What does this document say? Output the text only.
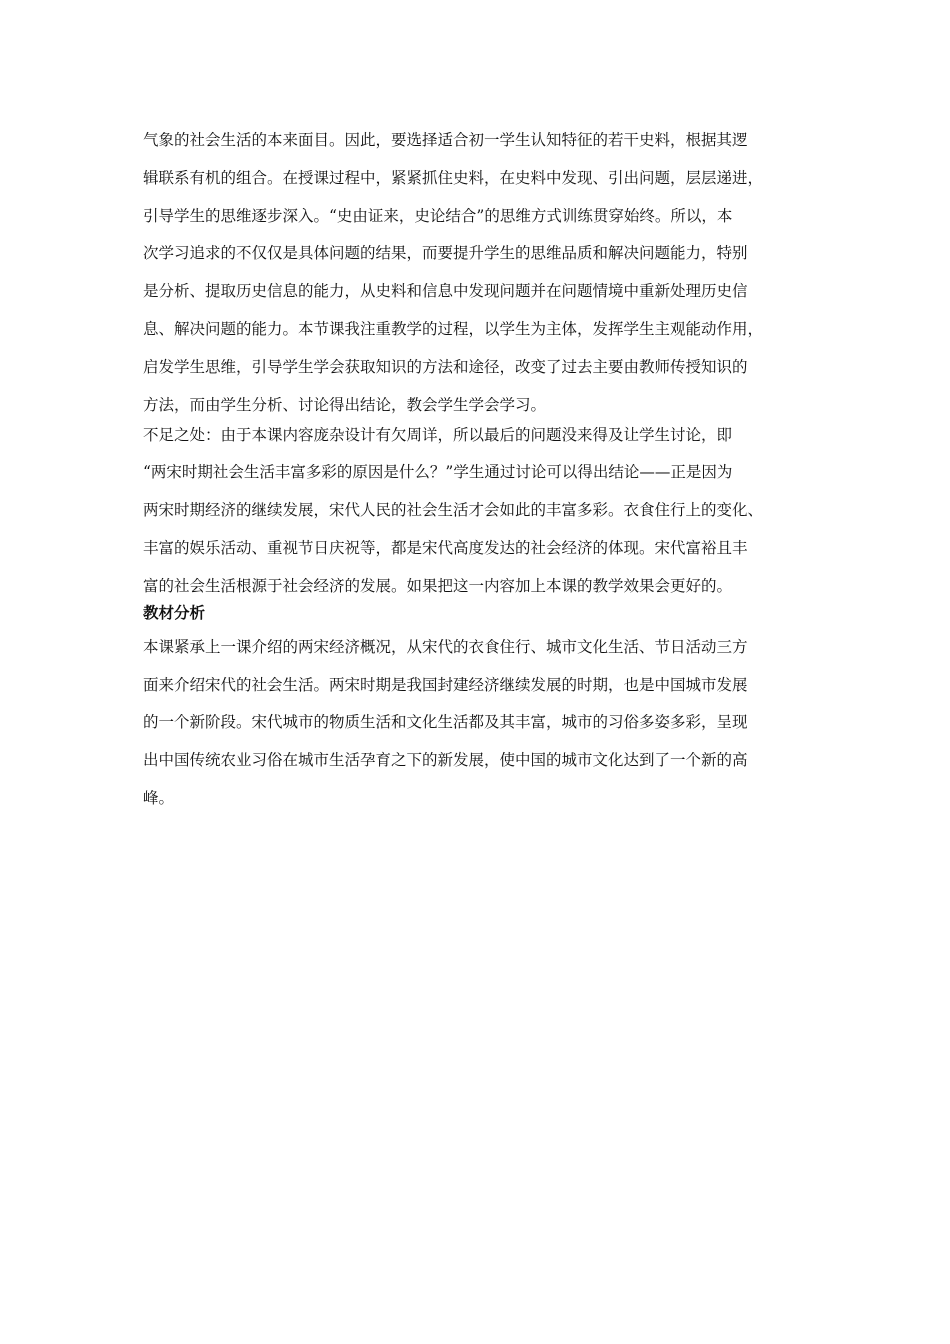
气象的社会生活的本来面目。因此，要选择适合初一学生认知特征的若干史料，根据其逻
辑联系有机的组合。在授课过程中，紧紧抓住史料，在史料中发现、引出问题，层层递进，
引导学生的思维逐步深入。“史由证来，史论结合”的思维方式训练贯穿始终。所以，本
次学习追求的不仅仅是具体问题的结果，而要提升学生的思维品质和解决问题能力，特别
是分析、提取历史信息的能力，从史料和信息中发现问题并在问题情境中重新处理历史信
息、解决问题的能力。本节课我注重教学的过程，以学生为主体，发挥学生主观能动作用，
启发学生思维，引导学生学会获取知识的方法和途径，改变了过去主要由教师传授知识的
方法，而由学生分析、讨论得出结论，教会学生学会学习。
不足之处：由于本课内容庞杂设计有欠周详，所以最后的问题没来得及让学生讨论，即
“两宋时期社会生活丰富多彩的原因是什么？”学生通过讨论可以得出结论——正是因为
两宋时期经济的继续发展，宋代人民的社会生活才会如此的丰富多彩。衣食住行上的变化、
丰富的娱乐活动、重视节日庆祝等，都是宋代高度发达的社会经济的体现。宋代富裕且丰
富的社会生活根源于社会经济的发展。如果把这一内容加上本课的教学效果会更好的。
教材分析
本课紧承上一课介绍的两宋经济概况，从宋代的衣食住行、城市文化生活、节日活动三方
面来介绍宋代的社会生活。两宋时期是我国封建经济继续发展的时期，也是中国城市发展
的一个新阶段。宋代城市的物质生活和文化生活都及其丰富，城市的习俗多姿多彩，呈现
出中国传统农业习俗在城市生活孕育之下的新发展，使中国的城市文化达到了一个新的高
峰。
